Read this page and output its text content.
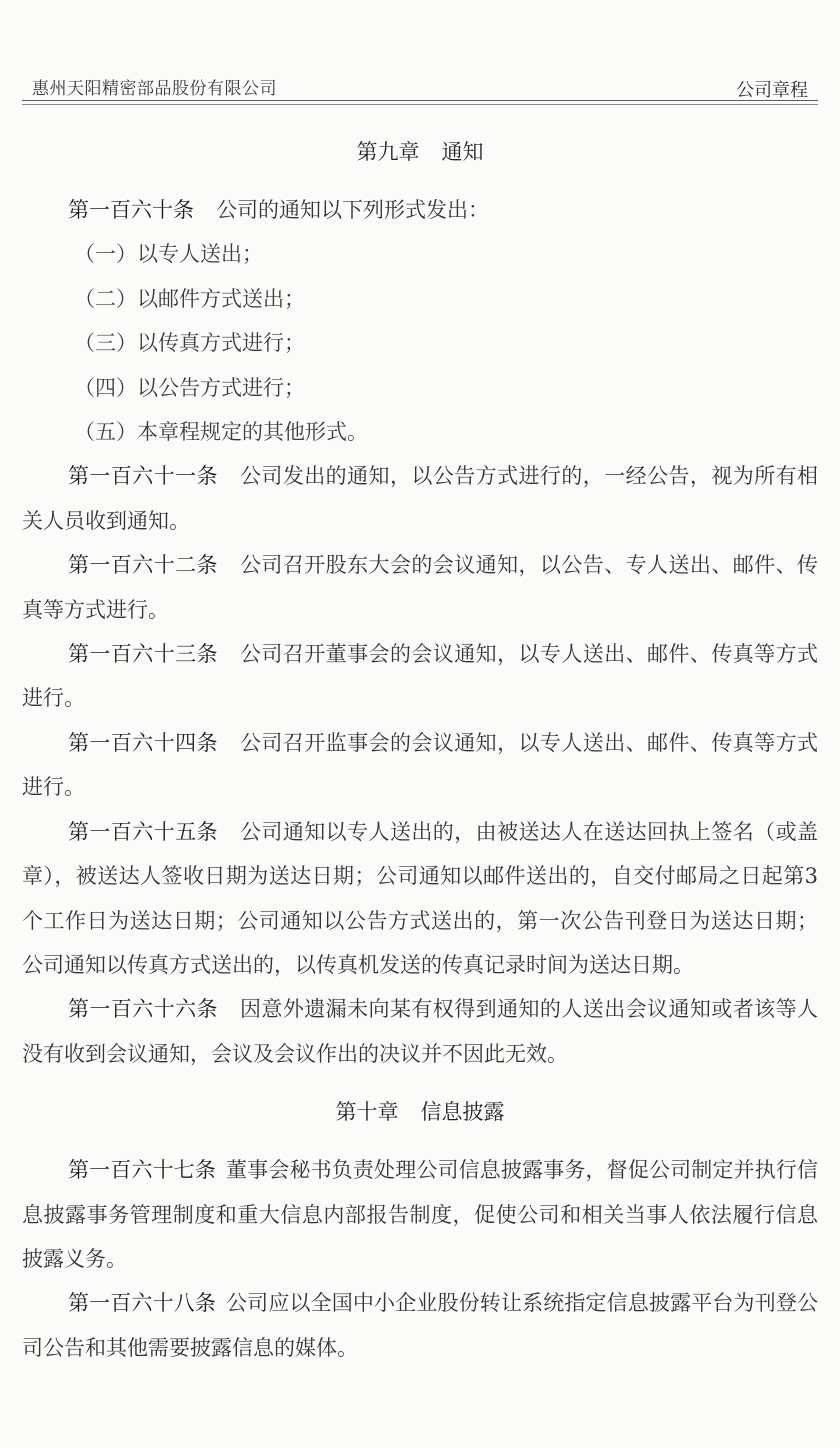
惠州天阳精密部品股份有限公司	公司章程
第九章 通知

第一百六十条 公司的通知以下列形式发出：

（一）以专人送出；

（二）以邮件方式送出；

（三）以传真方式进行；

（四）以公告方式进行；

（五）本章程规定的其他形式。

第一百六十一条 公司发出的通知，以公告方式进行的，一经公告，视为所有相关人员收到通知。

第一百六十二条 公司召开股东大会的会议通知，以公告、专人送出、邮件、传真等方式进行。

第一百六十三条 公司召开董事会的会议通知，以专人送出、邮件、传真等方式进行。

第一百六十四条 公司召开监事会的会议通知，以专人送出、邮件、传真等方式进行。

第一百六十五条 公司通知以专人送出的，由被送达人在送达回执上签名（或盖章），被送达人签收日期为送达日期；公司通知以邮件送出的，自交付邮局之日起第3个工作日为送达日期；公司通知以公告方式送出的，第一次公告刊登日为送达日期；公司通知以传真方式送出的，以传真机发送的传真记录时间为送达日期。

第一百六十六条 因意外遗漏未向某有权得到通知的人送出会议通知或者该等人没有收到会议通知，会议及会议作出的决议并不因此无效。

第十章 信息披露

第一百六十七条 董事会秘书负责处理公司信息披露事务，督促公司制定并执行信息披露事务管理制度和重大信息内部报告制度，促使公司和相关当事人依法履行信息披露义务。

第一百六十八条 公司应以全国中小企业股份转让系统指定信息披露平台为刊登公司公告和其他需要披露信息的媒体。
